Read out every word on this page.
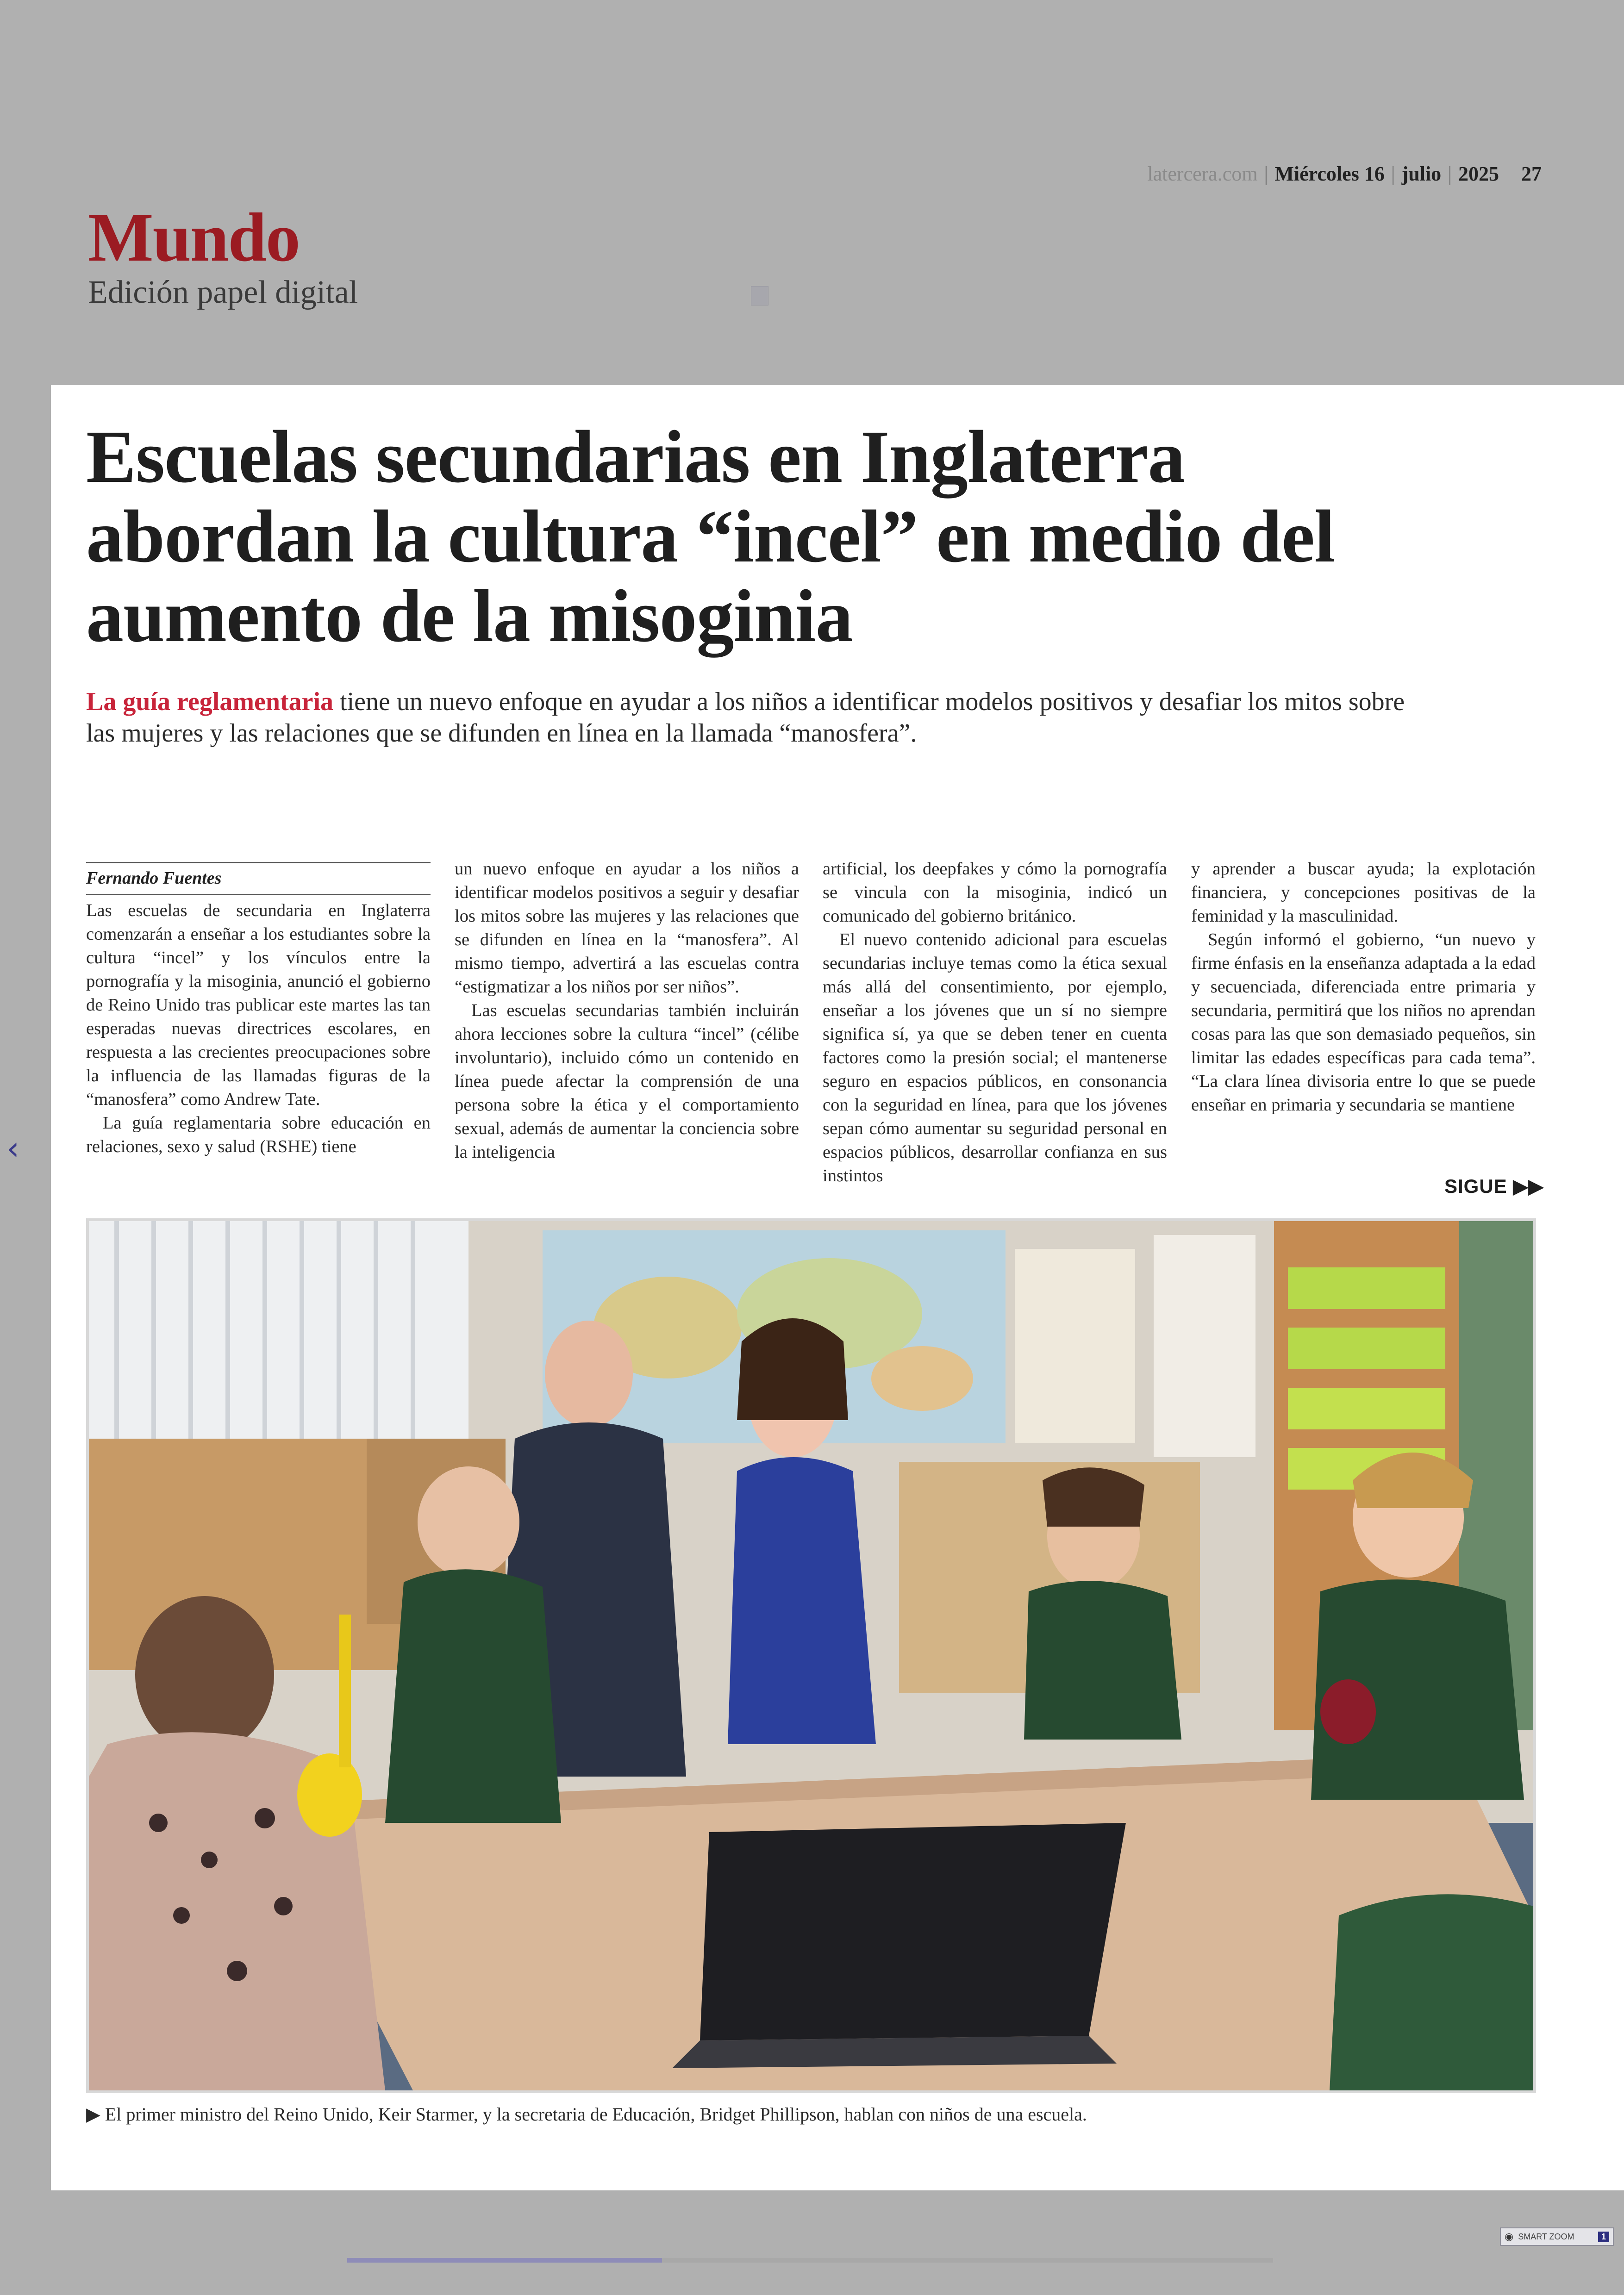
latercera.com | Miércoles 16 | julio | 2025 27
Mundo
Edición papel digital
‹
Escuelas secundarias en Inglaterra abordan la cultura “incel” en medio del aumento de la misoginia
La guía reglamentaria tiene un nuevo enfoque en ayudar a los niños a identificar modelos positivos y desafiar los mitos sobre las mujeres y las relaciones que se difunden en línea en la llamada “manosfera”.
Fernando Fuentes

Las escuelas de secundaria en Inglaterra comenzarán a enseñar a los estudiantes sobre la cultura “incel” y los vínculos entre la pornografía y la misoginia, anunció el gobierno de Reino Unido tras publicar este martes las tan esperadas nuevas directrices escolares, en respuesta a las crecientes preocupaciones sobre la influencia de las llamadas figuras de la “manosfera” como Andrew Tate.

La guía reglamentaria sobre educación en relaciones, sexo y salud (RSHE) tiene

un nuevo enfoque en ayudar a los niños a identificar modelos positivos a seguir y desafiar los mitos sobre las mujeres y las relaciones que se difunden en línea en la “manosfera”. Al mismo tiempo, advertirá a las escuelas contra “estigmatizar a los niños por ser niños”.

Las escuelas secundarias también incluirán ahora lecciones sobre la cultura “incel” (célibe involuntario), incluido cómo un contenido en línea puede afectar la comprensión de una persona sobre la ética y el comportamiento sexual, además de aumentar la conciencia sobre la inteligencia

artificial, los deepfakes y cómo la pornografía se vincula con la misoginia, indicó un comunicado del gobierno británico.

El nuevo contenido adicional para escuelas secundarias incluye temas como la ética sexual más allá del consentimiento, por ejemplo, enseñar a los jóvenes que un sí no siempre significa sí, ya que se deben tener en cuenta factores como la presión social; el mantenerse seguro en espacios públicos, en consonancia con la seguridad en línea, para que los jóvenes sepan cómo aumentar su seguridad personal en espacios públicos, desarrollar confianza en sus instintos

y aprender a buscar ayuda; la explotación financiera, y concepciones positivas de la feminidad y la masculinidad.

Según informó el gobierno, “un nuevo y firme énfasis en la enseñanza adaptada a la edad y secuenciada, diferenciada entre primaria y secundaria, permitirá que los niños no aprendan cosas para las que son demasiado pequeños, sin limitar las edades específicas para cada tema”. “La clara línea divisoria entre lo que se puede enseñar en primaria y secundaria se mantiene

SIGUE ▶▶
▶ El primer ministro del Reino Unido, Keir Starmer, y la secretaria de Educación, Bridget Phillipson, hablan con niños de una escuela.
◉ SMART ZOOM	1
